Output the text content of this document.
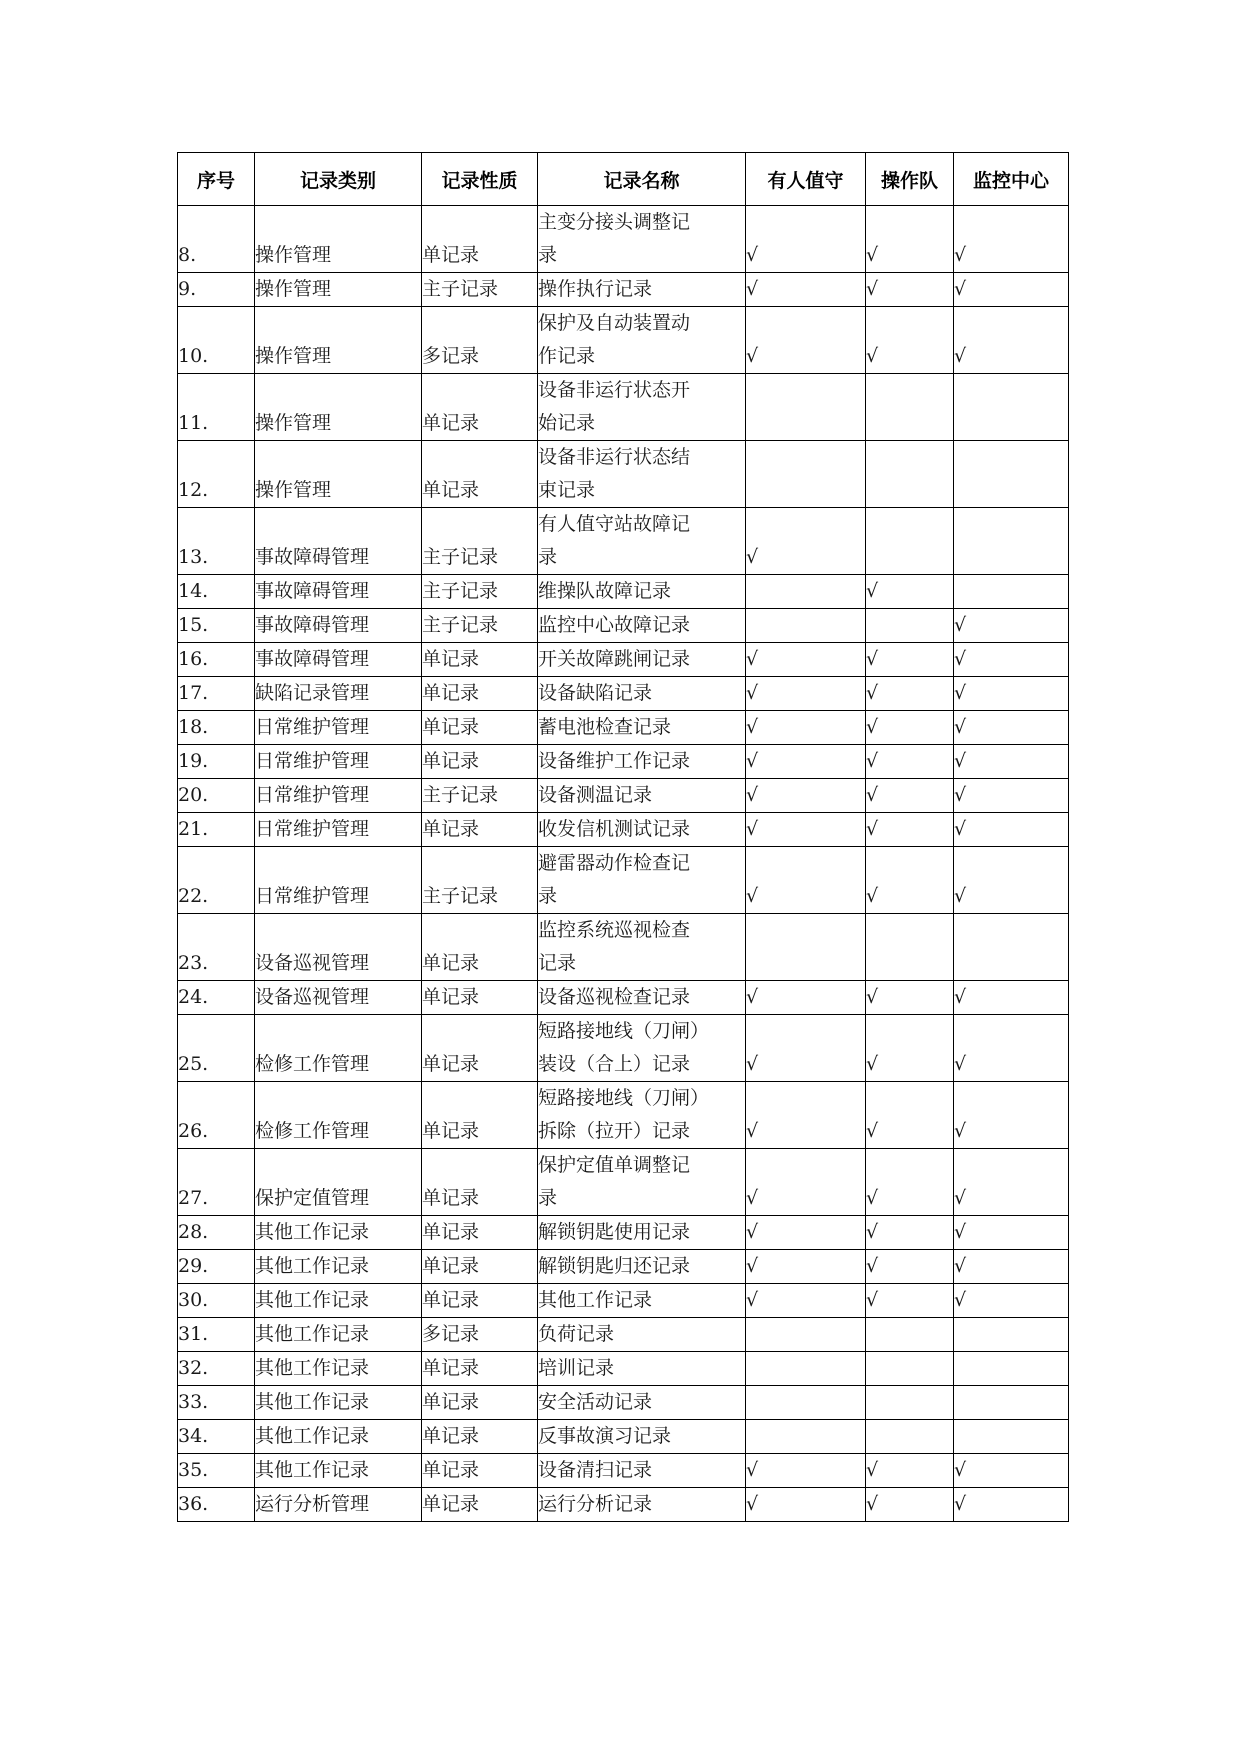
序号	记录类别	记录性质	记录名称	有人值守	操作队	监控中心
8.	操作管理	单记录	主变分接头调整记
录	√	√	√
9.	操作管理	主子记录	操作执行记录	√	√	√
10.	操作管理	多记录	保护及自动装置动
作记录	√	√	√
11.	操作管理	单记录	设备非运行状态开
始记录			

12.	操作管理	单记录	设备非运行状态结
束记录			

13.	事故障碍管理	主子记录	有人值守站故障记
录	√		
14.	事故障碍管理	主子记录	维操队故障记录		√	
15.	事故障碍管理	主子记录	监控中心故障记录			√
16.	事故障碍管理	单记录	开关故障跳闸记录	√	√	√
17.	缺陷记录管理	单记录	设备缺陷记录	√	√	√
18.	日常维护管理	单记录	蓄电池检查记录	√	√	√
19.	日常维护管理	单记录	设备维护工作记录	√	√	√
20.	日常维护管理	主子记录	设备测温记录	√	√	√
21.	日常维护管理	单记录	收发信机测试记录	√	√	√
22.	日常维护管理	主子记录	避雷器动作检查记
录	√	√	√
23.	设备巡视管理	单记录	监控系统巡视检查
记录			

24.	设备巡视管理	单记录	设备巡视检查记录	√	√	√
25.	检修工作管理	单记录	短路接地线（刀闸）
装设（合上）记录	√	√	√
26.	检修工作管理	单记录	短路接地线（刀闸）
拆除（拉开）记录	√	√	√
27.	保护定值管理	单记录	保护定值单调整记
录	√	√	√
28.	其他工作记录	单记录	解锁钥匙使用记录	√	√	√
29.	其他工作记录	单记录	解锁钥匙归还记录	√	√	√
30.	其他工作记录	单记录	其他工作记录	√	√	√
31.	其他工作记录	多记录	负荷记录			

32.	其他工作记录	单记录	培训记录			

33.	其他工作记录	单记录	安全活动记录			

34.	其他工作记录	单记录	反事故演习记录			

35.	其他工作记录	单记录	设备清扫记录	√	√	√
36.	运行分析管理	单记录	运行分析记录	√	√	√
